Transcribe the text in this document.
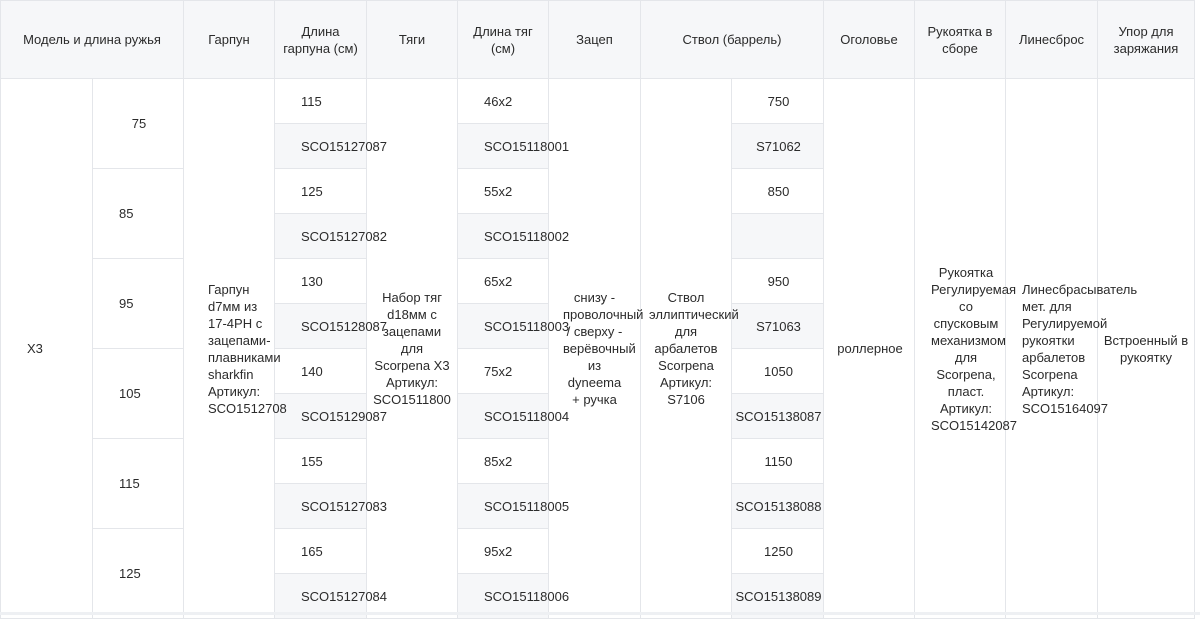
Модель и длина ружья		Гарпун	Длина гарпуна (см)	Тяги	Длина тяг (см)	Зацеп	Ствол (баррель)		Оголовье	Рукоятка в сборе	Линесброс	Упор для заряжания
X3	75	Гарпун d7мм из 17-4PH с зацепами-плавниками sharkfin Артикул: SCO1512708	115	Набор тяг d18мм с зацепами для Scorpena X3 Артикул: SCO1511800	46x2	снизу - проволочный / сверху - верёвочный из dyneema + ручка	Ствол эллиптический для арбалетов Scorpena Артикул: S7106	750	роллерное	Рукоятка Регулируемая со спусковым механизмом для Scorpena, пласт. Артикул: SCO15142087	Линесбрасыватель мет. для Регулируемой рукоятки арбалетов Scorpena Артикул: SCO15164097	Встроенный в рукоятку
			SCO15127087		SCO15118001			S71062				
	85		125		55x2			850				
			SCO15127082		SCO15118002							
	95		130		65x2			950				
			SCO15128087		SCO15118003			S71063				
	105		140		75x2			1050				
			SCO15129087		SCO15118004			SCO15138087				
	115		155		85x2			1150				
			SCO15127083		SCO15118005			SCO15138088				
	125		165		95x2			1250				
			SCO15127084		SCO15118006			SCO15138089				
